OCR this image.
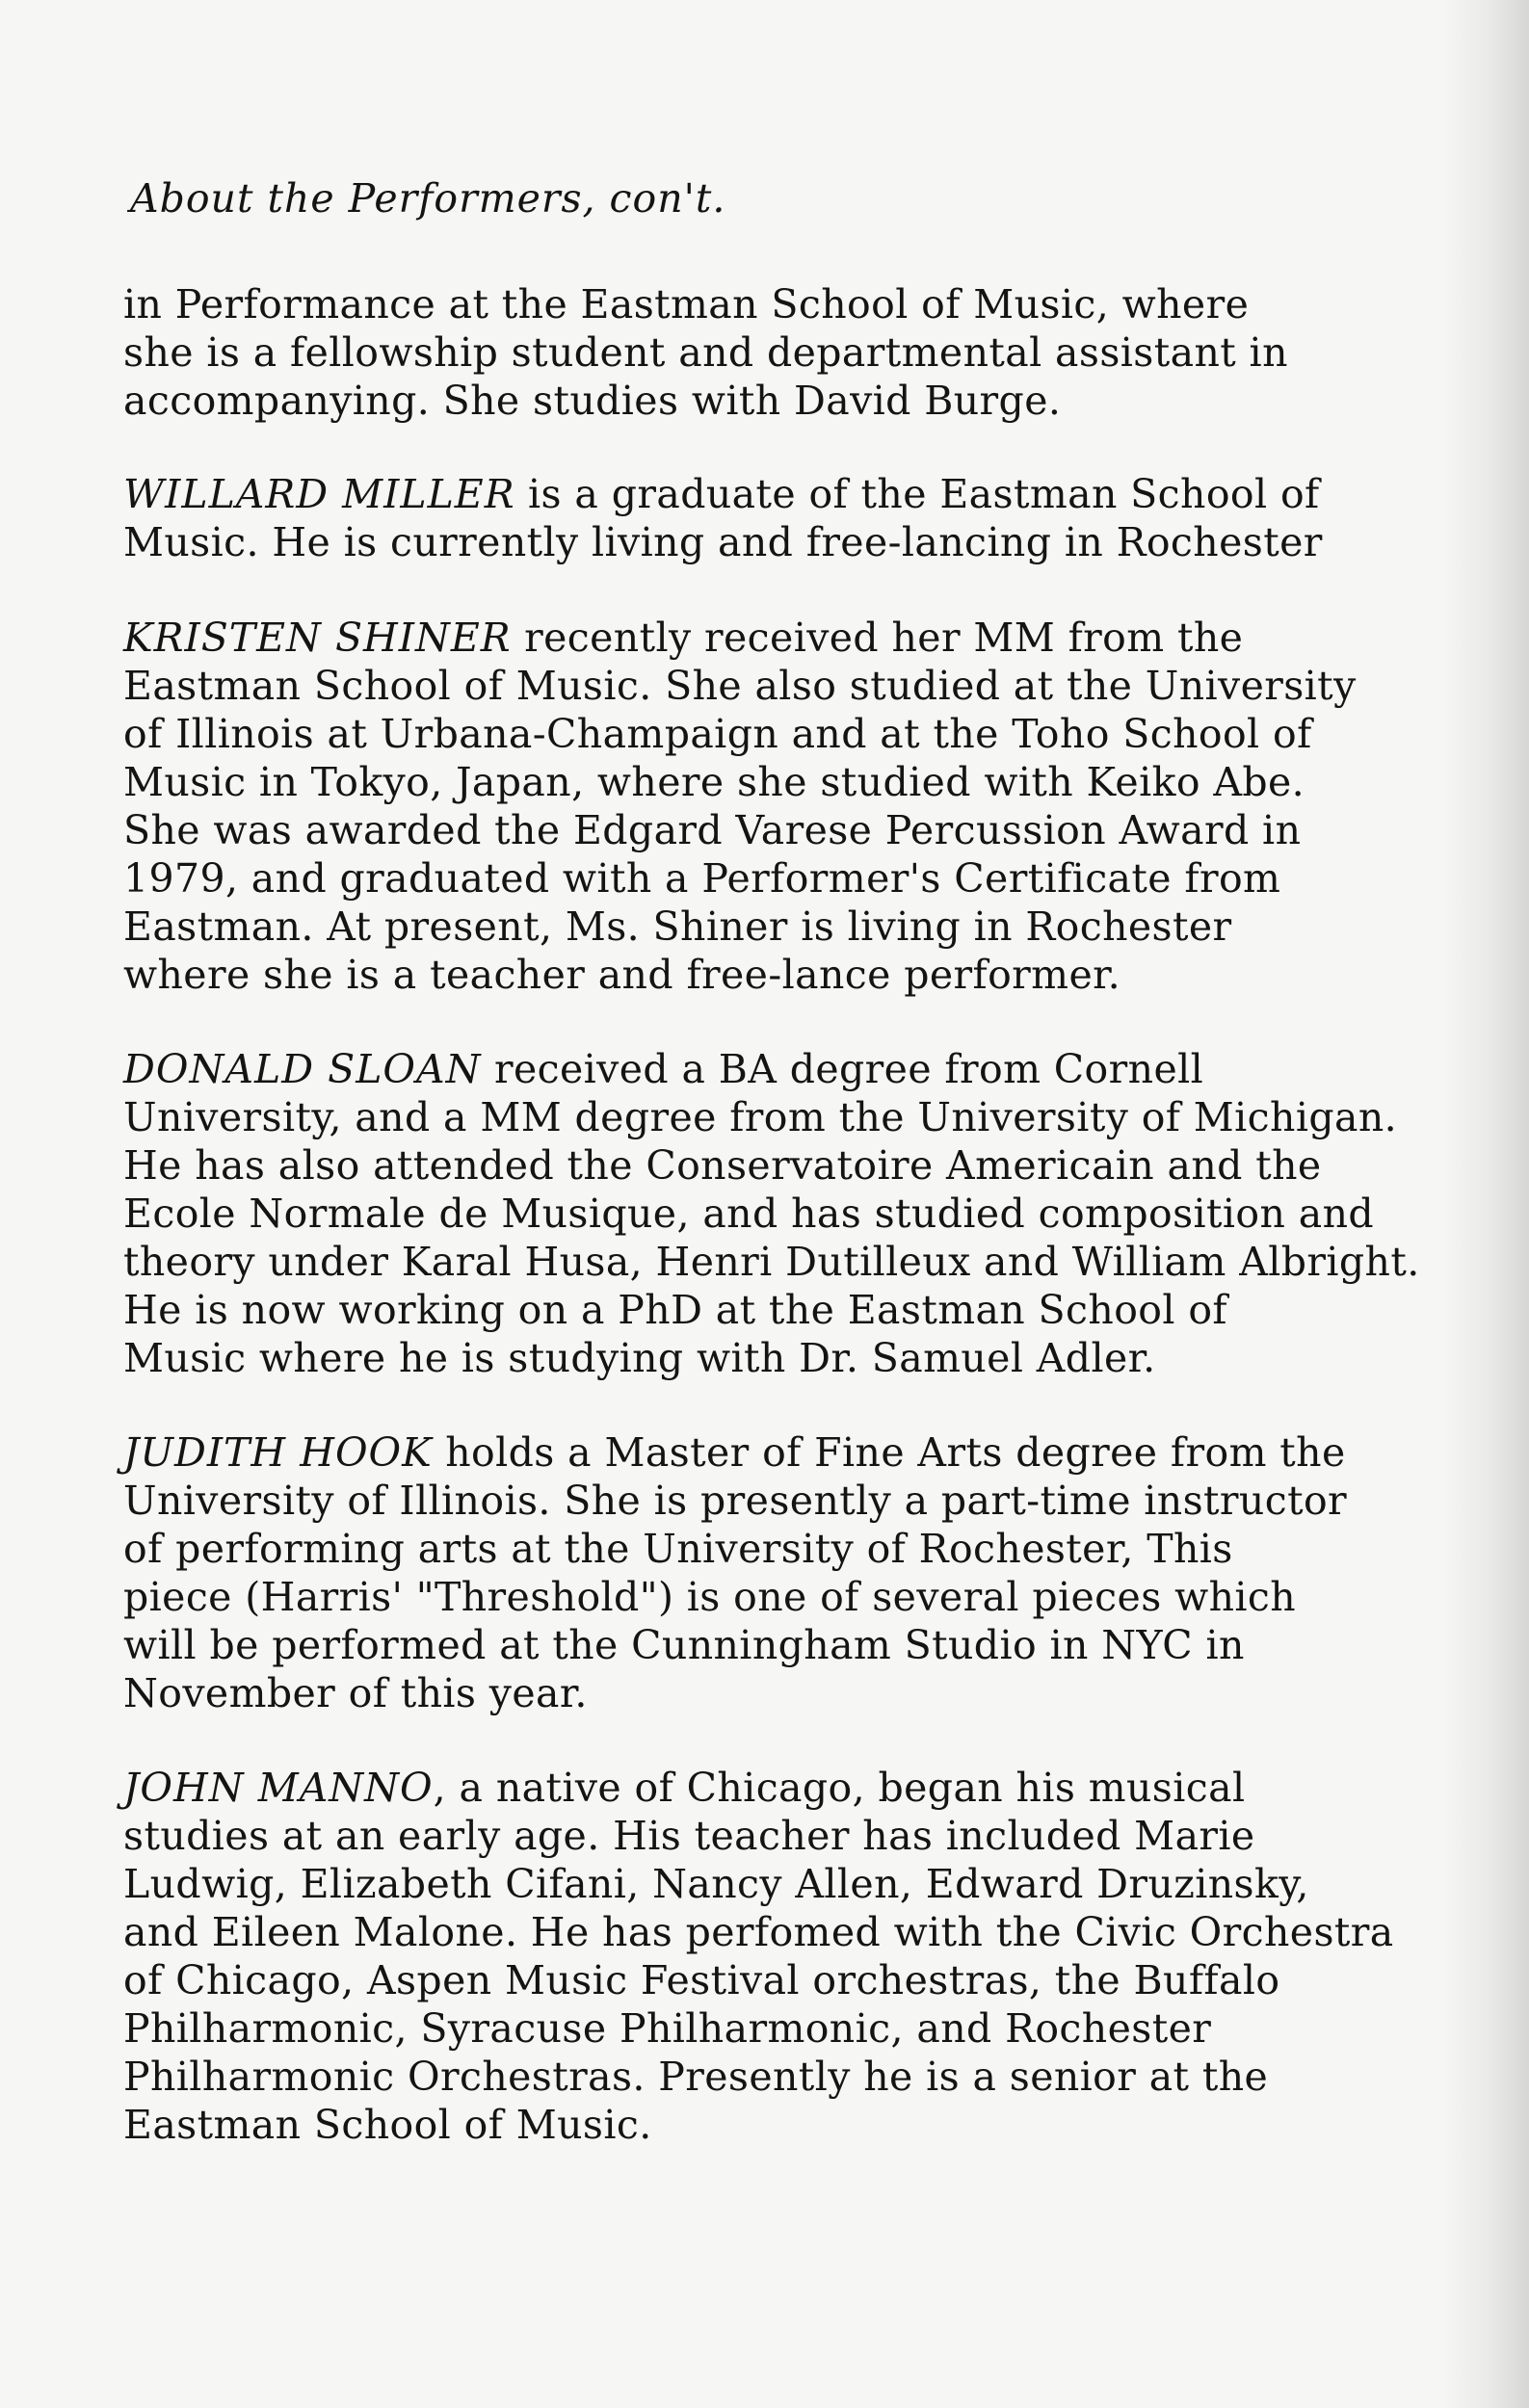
About the Performers, con't.
in Performance at the Eastman School of Music, where
she is a fellowship student and departmental assistant in
accompanying. She studies with David Burge.
WILLARD MILLER is a graduate of the Eastman School of
Music. He is currently living and free-lancing in Rochester
KRISTEN SHINER recently received her MM from the
Eastman School of Music. She also studied at the University
of Illinois at Urbana-Champaign and at the Toho School of
Music in Tokyo, Japan, where she studied with Keiko Abe.
She was awarded the Edgard Varese Percussion Award in
1979, and graduated with a Performer's Certificate from
Eastman. At present, Ms. Shiner is living in Rochester
where she is a teacher and free-lance performer.
DONALD SLOAN received a BA degree from Cornell
University, and a MM degree from the University of Michigan.
He has also attended the Conservatoire Americain and the
Ecole Normale de Musique, and has studied composition and
theory under Karal Husa, Henri Dutilleux and William Albright.
He is now working on a PhD at the Eastman School of
Music where he is studying with Dr. Samuel Adler.
JUDITH HOOK holds a Master of Fine Arts degree from the
University of Illinois. She is presently a part-time instructor
of performing arts at the University of Rochester, This
piece (Harris' "Threshold") is one of several pieces which
will be performed at the Cunningham Studio in NYC in
November of this year.
JOHN MANNO, a native of Chicago, began his musical
studies at an early age. His teacher has included Marie
Ludwig, Elizabeth Cifani, Nancy Allen, Edward Druzinsky,
and Eileen Malone. He has perfomed with the Civic Orchestra
of Chicago, Aspen Music Festival orchestras, the Buffalo
Philharmonic, Syracuse Philharmonic, and Rochester
Philharmonic Orchestras. Presently he is a senior at the
Eastman School of Music.
